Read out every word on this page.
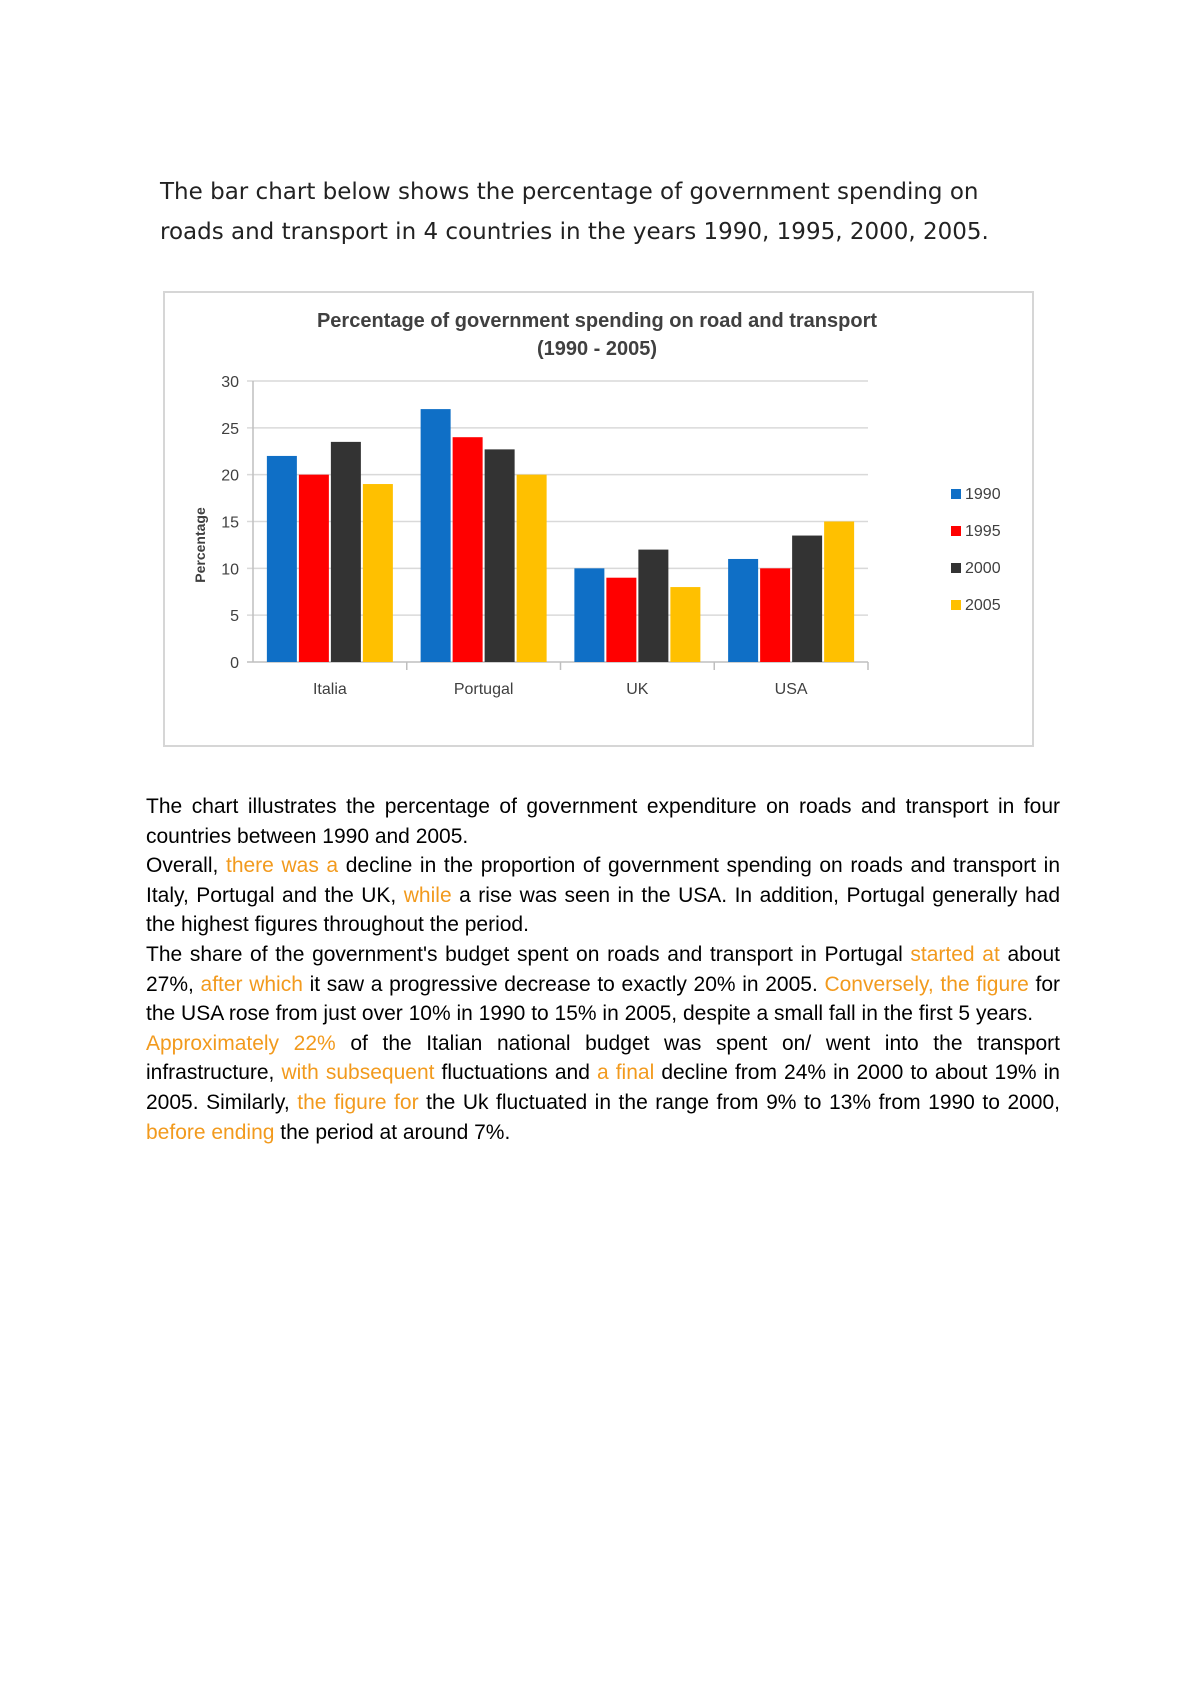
The bar chart below shows the percentage of government spending on
roads and transport in 4 countries in the years 1990, 1995, 2000, 2005.
Percentage of government spending on road and transport
(1990 - 2005)
Percentage
0
5
10
15
20
25
30
Italia	Portugal	UK	USA
1990
1995
2000
2005

The chart illustrates the percentage of government expenditure on roads and transport in four countries between 1990 and 2005.

Overall, there was a decline in the proportion of government spending on roads and transport in Italy, Portugal and the UK, while a rise was seen in the USA. In addition, Portugal generally had the highest figures throughout the period.

The share of the government's budget spent on roads and transport in Portugal started at about 27%, after which it saw a progressive decrease to exactly 20% in 2005. Conversely, the figure for the USA rose from just over 10% in 1990 to 15% in 2005, despite a small fall in the first 5 years.

Approximately 22% of the Italian national budget was spent on/ went into the transport infrastructure, with subsequent fluctuations and a final decline from 24% in 2000 to about 19% in 2005. Similarly, the figure for the Uk fluctuated in the range from 9% to 13% from 1990 to 2000, before ending the period at around 7%.
